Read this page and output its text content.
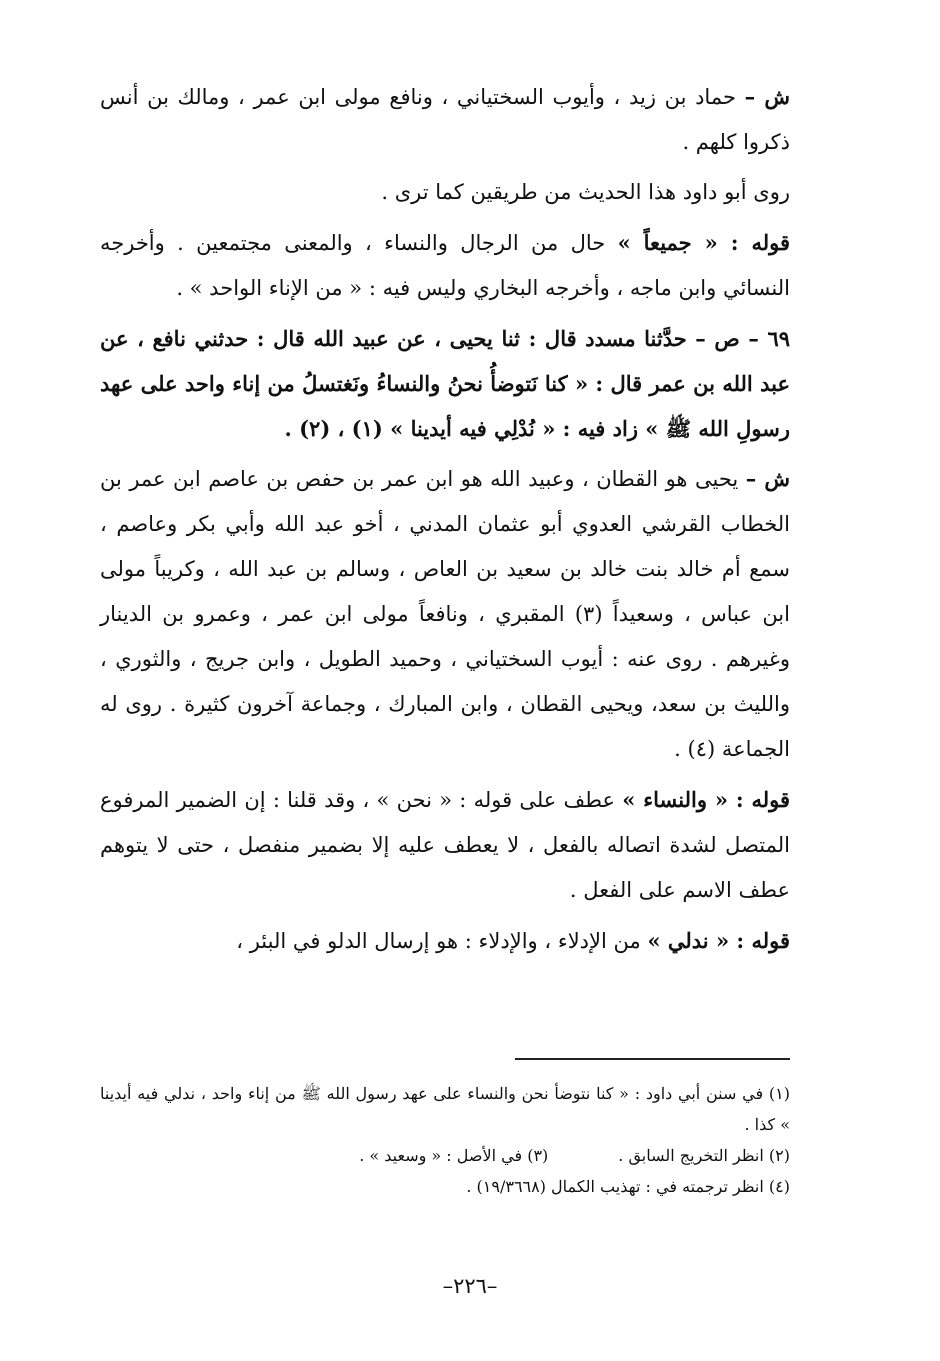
ش – حماد بن زيد ، وأيوب السختياني ، ونافع مولى ابن عمر ، ومالك بن أنس ذكروا كلهم .

روى أبو داود هذا الحديث من طريقين كما ترى .

قوله : « جميعاً » حال من الرجال والنساء ، والمعنى مجتمعين . وأخرجه النسائي وابن ماجه ، وأخرجه البخاري وليس فيه : « من الإناء الواحد » .

٦٩ – ص – حدَّثنا مسدد قال : ثنا يحيى ، عن عبيد الله قال : حدثني نافع ، عن عبد الله بن عمر قال : « كنا نَتوضأُ نحنُ والنساءُ ونَغتسلُ من إناء واحد على عهد رسولِ الله ﷺ » زاد فيه : « نُدْلِي فيه أيدينا » (١) ، (٢) .

ش – يحيى هو القطان ، وعبيد الله هو ابن عمر بن حفص بن عاصم ابن عمر بن الخطاب القرشي العدوي أبو عثمان المدني ، أخو عبد الله وأبي بكر وعاصم ، سمع أم خالد بنت خالد بن سعيد بن العاص ، وسالم بن عبد الله ، وكريباً مولى ابن عباس ، وسعيداً (٣) المقبري ، ونافعاً مولى ابن عمر ، وعمرو بن الدينار وغيرهم . روى عنه : أيوب السختياني ، وحميد الطويل ، وابن جريج ، والثوري ، والليث بن سعد، ويحيى القطان ، وابن المبارك ، وجماعة آخرون كثيرة . روى له الجماعة (٤) .

قوله : « والنساء » عطف على قوله : « نحن » ، وقد قلنا : إن الضمير المرفوع المتصل لشدة اتصاله بالفعل ، لا يعطف عليه إلا بضمير منفصل ، حتى لا يتوهم عطف الاسم على الفعل .

قوله : « ندلي » من الإدلاء ، والإدلاء : هو إرسال الدلو في البئر ،

(١) في سنن أبي داود : « كنا نتوضأ نحن والنساء على عهد رسول الله ﷺ من إناء واحد ، ندلي فيه أيدينا » كذا .

(٢) انظر التخريج السابق .

(٣) في الأصل : « وسعيد » .

(٤) انظر ترجمته في : تهذيب الكمال (١٩/٣٦٦٨) .

–٢٢٦–
